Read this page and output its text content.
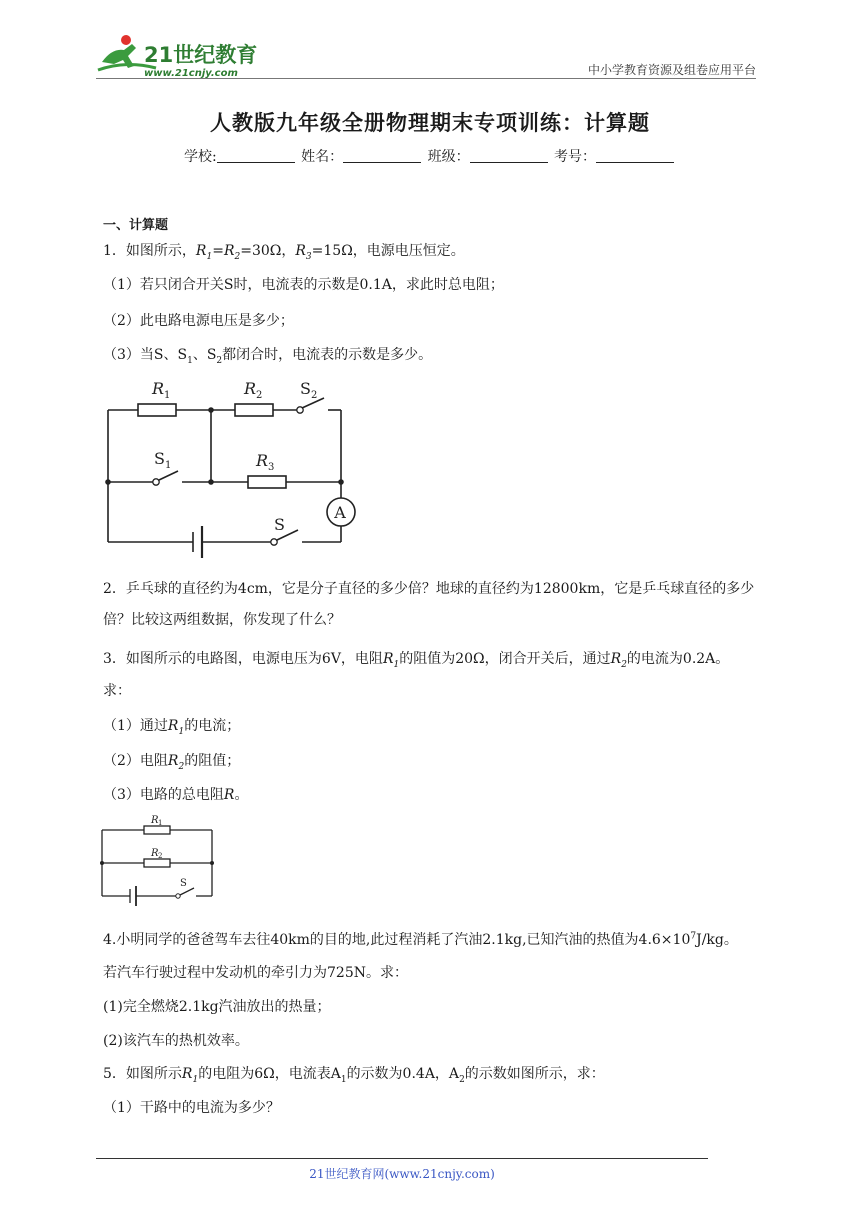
21世纪教育
www.21cnjy.com	中小学教育资源及组卷应用平台
人教版九年级全册物理期末专项训练：计算题
学校:	姓名：	班级：	考号：
一、计算题
1．如图所示，$R_1=R_2=30\Omega$，$R_3=15\Omega$，电源电压恒定。
（1）若只闭合开关S时，电流表的示数是0.1A，求此时总电阻；
（2）此电路电源电压是多少；
（3）当S、$S_1$、$S_2$都闭合时，电流表的示数是多少。
A
R 1	R 2 S 2
S 1	R 3
S
2．乒乓球的直径约为4cm，它是分子直径的多少倍？地球的直径约为12800km，它是乒乓球直径的多少倍？比较这两组数据，你发现了什么？
3．如图所示的电路图，电源电压为6V，电阻$R_1$的阻值为20Ω，闭合开关后，通过$R_2$的电流为0.2A。
求：
（1）通过$R_1$的电流；
（2）电阻$R_2$的阻值；
（3）电路的总电阻R。
R 1
R 2
S
4.小明同学的爸爸驾车去往40km的目的地,此过程消耗了汽油2.1kg,已知汽油的热值为$4.6\times 10^7J/kg$。
若汽车行驶过程中发动机的牵引力为725N。求：
(1)完全燃烧2.1kg汽油放出的热量；
(2)该汽车的热机效率。
5．如图所示$R_1$的电阻为6Ω，电流表$A_1$的示数为0.4A，$A_2$的示数如图所示，求：
（1）干路中的电流为多少？
21世纪教育网(www.21cnjy.com)
